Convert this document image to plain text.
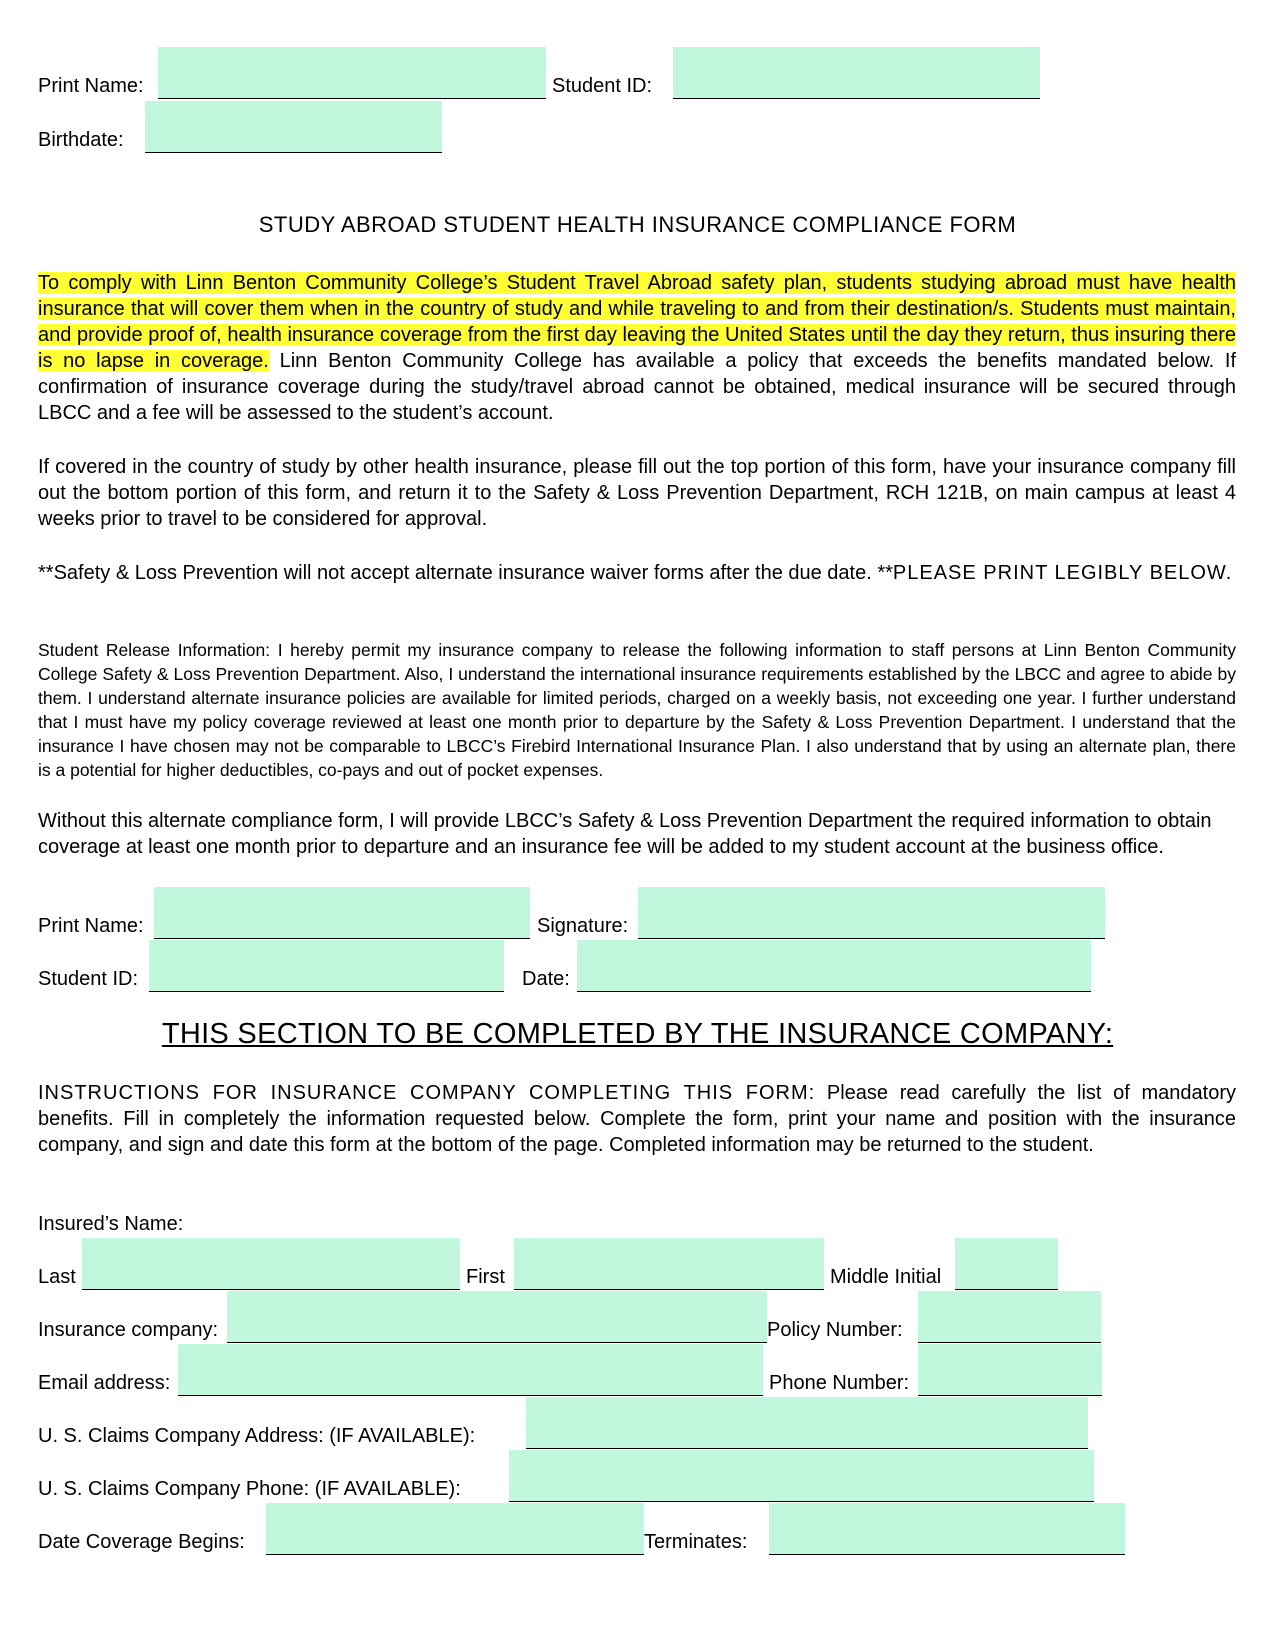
Print Name:	Student ID:
Birthdate:
STUDY ABROAD STUDENT HEALTH INSURANCE COMPLIANCE FORM
To comply with Linn Benton Community College’s Student Travel Abroad safety plan, students studying abroad must have health insurance that will cover them when in the country of study and while traveling to and from their destination/s. Students must maintain, and provide proof of, health insurance coverage from the first day leaving the United States until the day they return, thus insuring there is no lapse in coverage. Linn Benton Community College has available a policy that exceeds the benefits mandated below. If confirmation of insurance coverage during the study/travel abroad cannot be obtained, medical insurance will be secured through LBCC and a fee will be assessed to the student’s account.
If covered in the country of study by other health insurance, please fill out the top portion of this form, have your insurance company fill out the bottom portion of this form, and return it to the Safety & Loss Prevention Department, RCH 121B, on main campus at least 4 weeks prior to travel to be considered for approval.
**Safety & Loss Prevention will not accept alternate insurance waiver forms after the due date. **PLEASE PRINT LEGIBLY BELOW.
Student Release Information: I hereby permit my insurance company to release the following information to staff persons at Linn Benton Community College Safety & Loss Prevention Department. Also, I understand the international insurance requirements established by the LBCC and agree to abide by them. I understand alternate insurance policies are available for limited periods, charged on a weekly basis, not exceeding one year. I further understand that I must have my policy coverage reviewed at least one month prior to departure by the Safety & Loss Prevention Department. I understand that the insurance I have chosen may not be comparable to LBCC’s Firebird International Insurance Plan. I also understand that by using an alternate plan, there is a potential for higher deductibles, co-pays and out of pocket expenses.
Without this alternate compliance form, I will provide LBCC’s Safety & Loss Prevention Department the required information to obtain coverage at least one month prior to departure and an insurance fee will be added to my student account at the business office.
Print Name:	Signature:
Student ID:	Date:
THIS SECTION TO BE COMPLETED BY THE INSURANCE COMPANY:
INSTRUCTIONS FOR INSURANCE COMPANY COMPLETING THIS FORM: Please read carefully the list of mandatory benefits. Fill in completely the information requested below. Complete the form, print your name and position with the insurance company, and sign and date this form at the bottom of the page. Completed information may be returned to the student.
Insured’s Name:
Last	First	Middle Initial
Insurance company:	Policy Number:
Email address:	Phone Number:
U. S. Claims Company Address: (IF AVAILABLE):
U. S. Claims Company Phone: (IF AVAILABLE):
Date Coverage Begins:	Terminates:
